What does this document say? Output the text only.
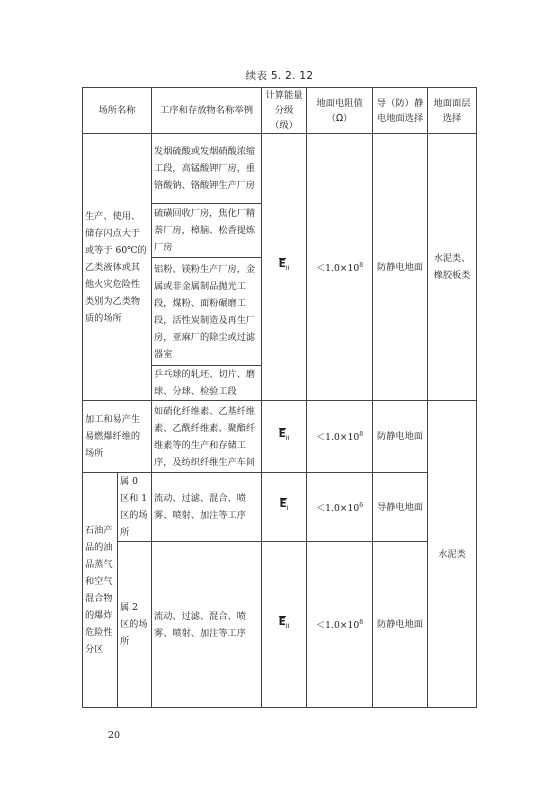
续表 5. 2. 12
场所名称		工序和存放物名称举例	计算能量分级（级）	地面电阻值（Ω）	导（防）静电地面选择	地面面层选择
生产、使用、储存闪点大于或等于 60℃的乙类液体或其他火灾危险性类别为乙类物质的场所		发烟硫酸或发烟硝酸浓缩工段，高锰酸钾厂房，重铬酸钠、铬酸钾生产厂房	$E_{II}$	$<1.0\times 10^8$	防静电地面	水泥类、橡胶板类
		硫磺回收厂房，焦化厂精萘厂房，樟脑、松香提炼厂房				
		铝粉、镁粉生产厂房，金属或非金属制品抛光工段，煤粉、面粉碾磨工段，活性炭制造及再生厂房，亚麻厂的除尘或过滤器室				
		乒乓球的轧坯、切片、磨球、分球、检验工段				
加工和易产生易燃爆纤维的场所		如硝化纤维素、乙基纤维素、乙酰纤维素、聚酯纤维素等的生产和存储工序，及纺织纤维生产车间	$E_{II}$	$<1.0\times 10^8$	防静电地面	水泥类
石油产品的油品蒸气和空气混合物的爆炸危险性分区	属 0 区和 1 区的场所	流动、过滤、混合、喷雾、喷射、加注等工序	$E_I$	$<1.0\times 10^6$	导静电地面	
	属 2 区的场所	流动、过滤、混合、喷雾、喷射、加注等工序	$E_{II}$	$<1.0\times 10^8$	防静电地面	
20
